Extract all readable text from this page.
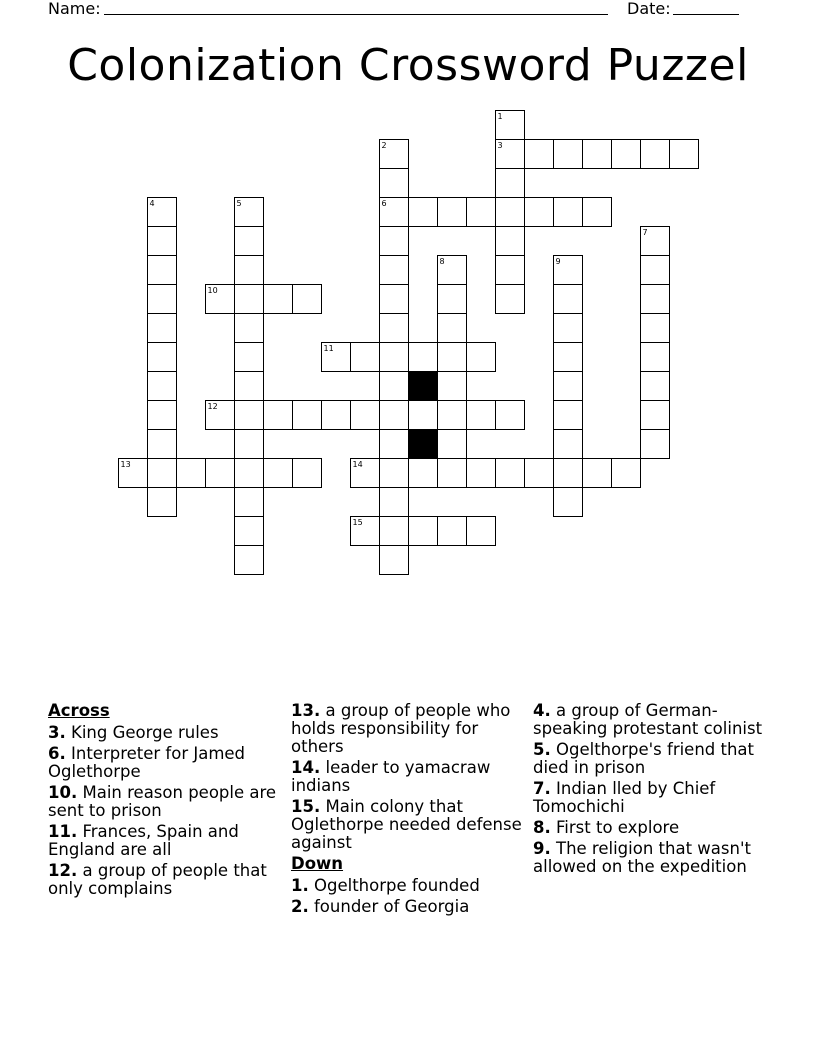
Name:	Date:
Colonization Crossword Puzzel
1
2	3
4	5	6
7
8	9
10
11
12
13	14
15
Across
3. King George rules
6. Interpreter for Jamed Oglethorpe
10. Main reason people are sent to prison
11. Frances, Spain and England are all
12. a group of people that only complains
13. a group of people who holds responsibility for others
14. leader to yamacraw indians
15. Main colony that Oglethorpe needed defense against
Down
1. Ogelthorpe founded
2. founder of Georgia
4. a group of German-speaking protestant colinist
5. Ogelthorpe's friend that died in prison
7. Indian lled by Chief Tomochichi
8. First to explore
9. The religion that wasn't allowed on the expedition
